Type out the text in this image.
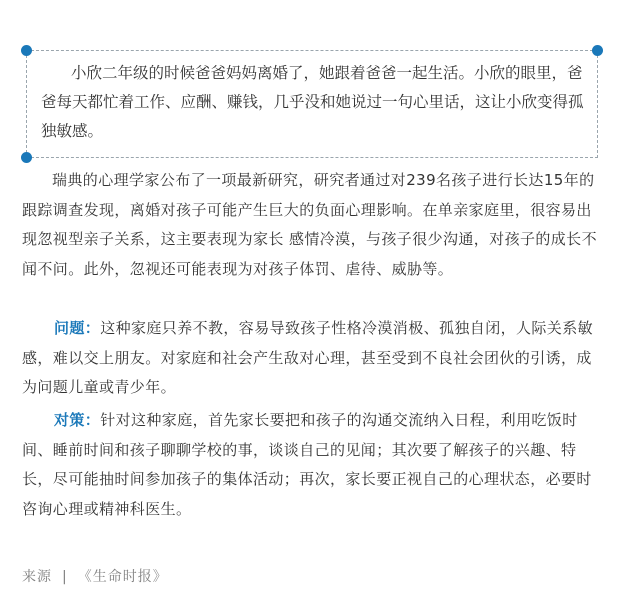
小欣二年级的时候爸爸妈妈离婚了，她跟着爸爸一起生活。小欣的眼里，爸爸每天都忙着工作、应酬、赚钱，几乎没和她说过一句心里话，这让小欣变得孤独敏感。

瑞典的心理学家公布了一项最新研究，研究者通过对239名孩子进行长达15年的跟踪调查发现，离婚对孩子可能产生巨大的负面心理影响。在单亲家庭里，很容易出现忽视型亲子关系，这主要表现为家长 感情冷漠，与孩子很少沟通，对孩子的成长不闻不问。此外，忽视还可能表现为对孩子体罚、虐待、威胁等。

问题：这种家庭只养不教，容易导致孩子性格冷漠消极、孤独自闭，人际关系敏感，难以交上朋友。对家庭和社会产生敌对心理，甚至受到不良社会团伙的引诱，成为问题儿童或青少年。

对策：针对这种家庭，首先家长要把和孩子的沟通交流纳入日程，利用吃饭时间、睡前时间和孩子聊聊学校的事，谈谈自己的见闻；其次要了解孩子的兴趣、特长，尽可能抽时间参加孩子的集体活动；再次，家长要正视自己的心理状态，必要时咨询心理或精神科医生。

来源 | 《生命时报》
